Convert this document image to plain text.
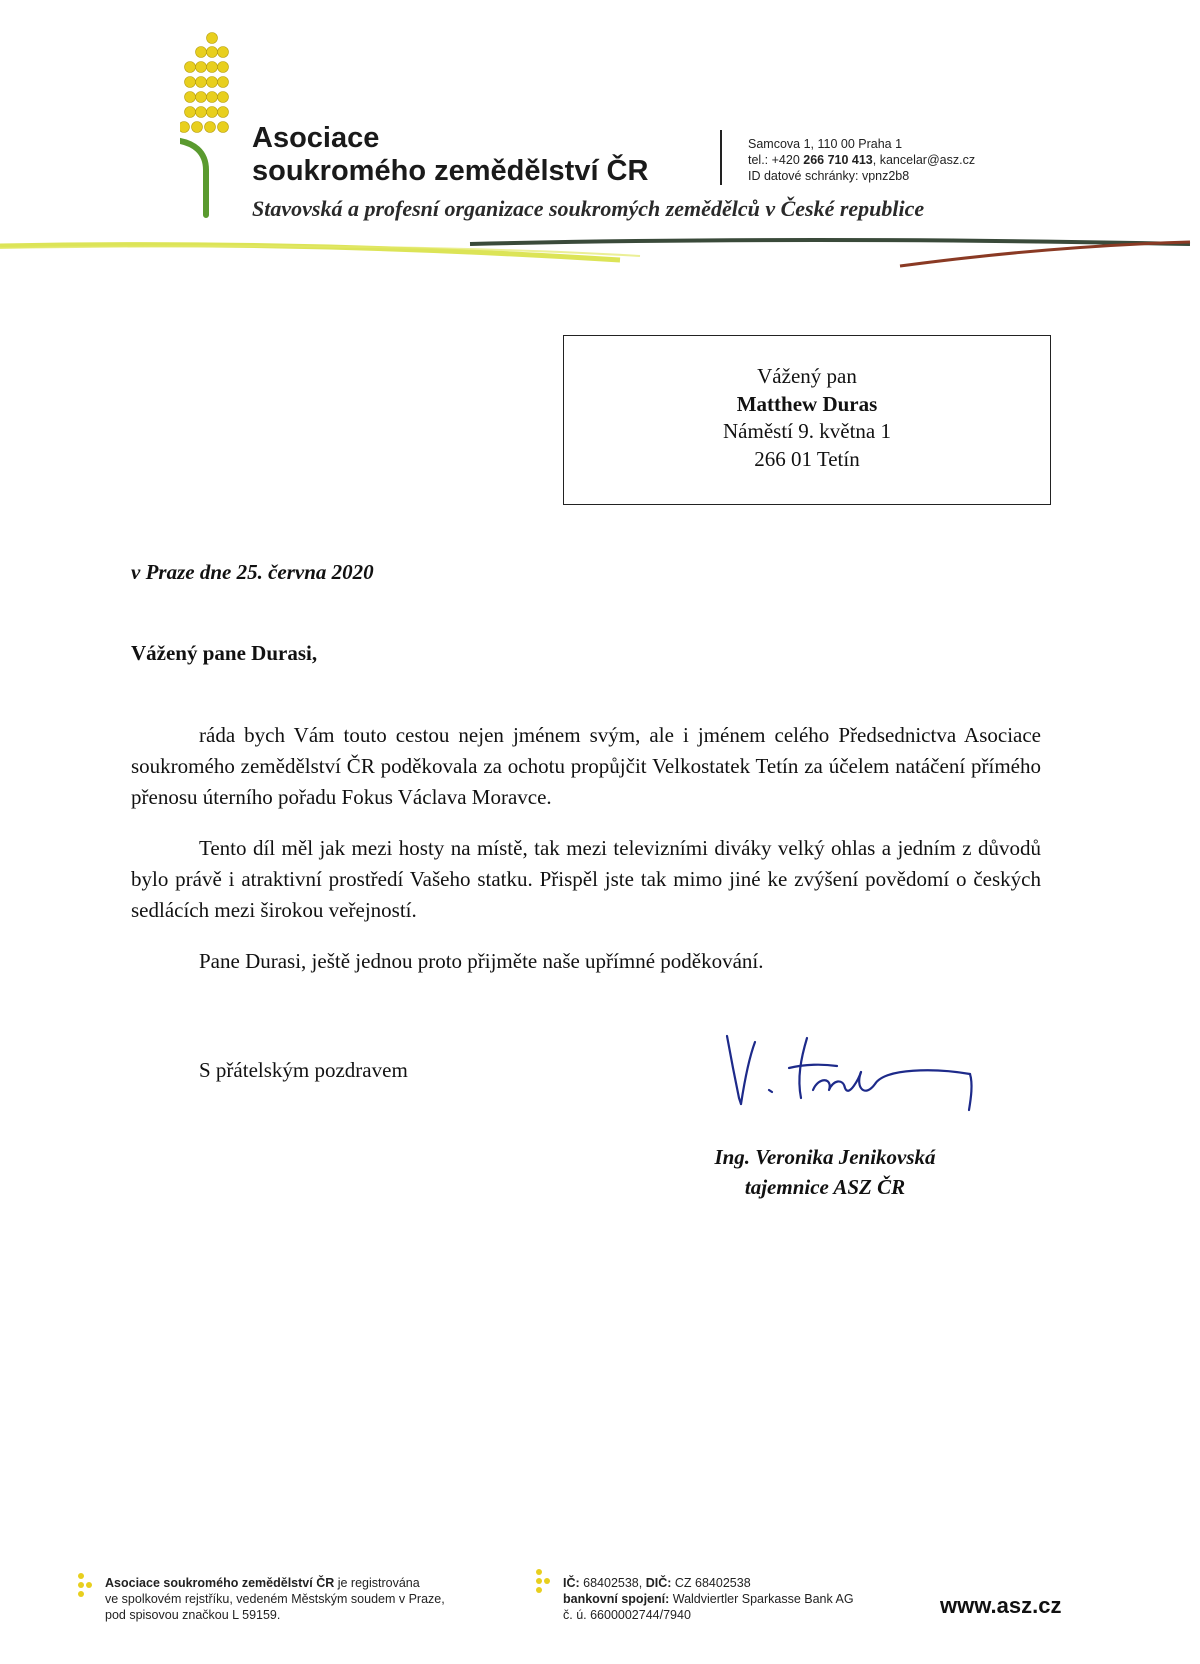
Asociace
soukromého zemědělství ČR
Samcova 1, 110 00 Praha 1
tel.: +420 266 710 413, kancelar@asz.cz
ID datové schránky: vpnz2b8
Stavovská a profesní organizace soukromých zemědělců v České republice
Vážený pan
Matthew Duras
Náměstí 9. května 1
266 01 Tetín
v Praze dne 25. června 2020
Vážený pane Durasi,

ráda bych Vám touto cestou nejen jménem svým, ale i jménem celého Předsednictva Asociace soukromého zemědělství ČR poděkovala za ochotu propůjčit Velkostatek Tetín za účelem natáčení přímého přenosu úterního pořadu Fokus Václava Moravce.

Tento díl měl jak mezi hosty na místě, tak mezi televizními diváky velký ohlas a jedním z důvodů bylo právě i atraktivní prostředí Vašeho statku. Přispěl jste tak mimo jiné ke zvýšení povědomí o českých sedlácích mezi širokou veřejností.

Pane Durasi, ještě jednou proto přijměte naše upřímné poděkování.

S přátelským pozdravem
Ing. Veronika Jenikovská
tajemnice ASZ ČR
Asociace soukromého zemědělství ČR je registrována
ve spolkovém rejstříku, vedeném Městským soudem v Praze,
pod spisovou značkou L 59159.
IČ: 68402538, DIČ: CZ 68402538
bankovní spojení: Waldviertler Sparkasse Bank AG
č. ú. 6600002744/7940	www.asz.cz
